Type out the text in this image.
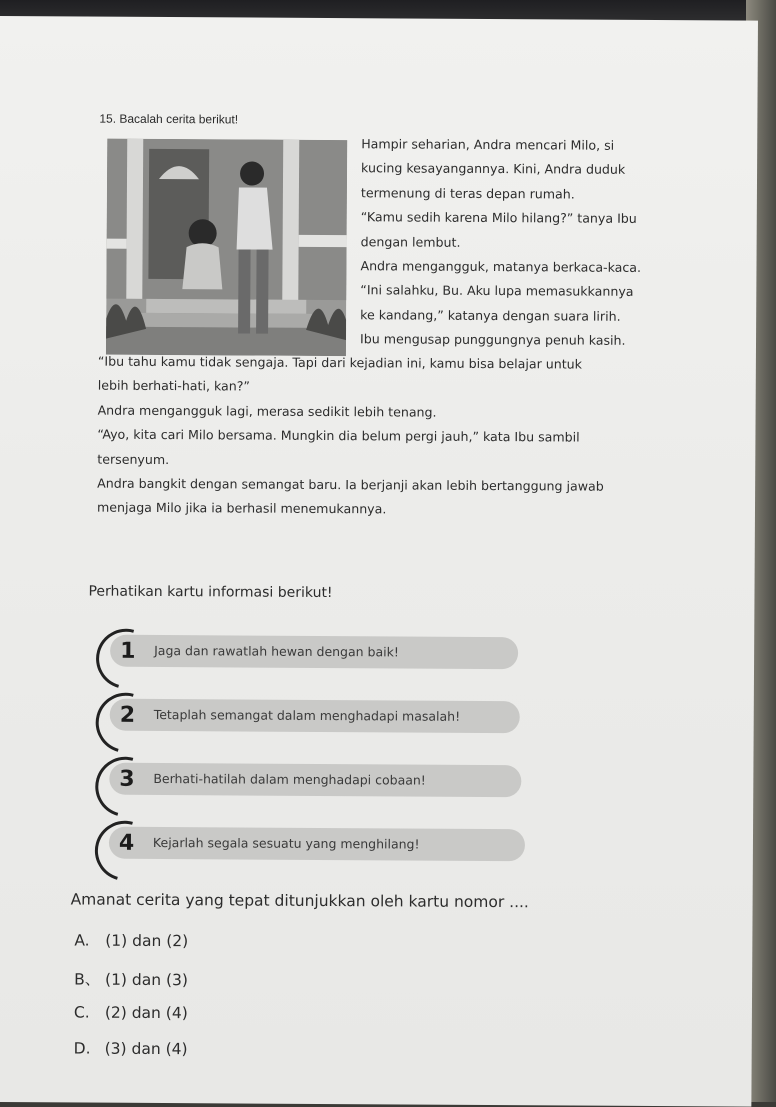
15. Bacalah cerita berikut!

Hampir seharian, Andra mencari Milo, si

kucing kesayangannya. Kini, Andra duduk

termenung di teras depan rumah.

“Kamu sedih karena Milo hilang?” tanya Ibu

dengan lembut.

Andra mengangguk, matanya berkaca-kaca.

“Ini salahku, Bu. Aku lupa memasukkannya

ke kandang,” katanya dengan suara lirih.

Ibu mengusap punggungnya penuh kasih.

“Ibu tahu kamu tidak sengaja. Tapi dari kejadian ini, kamu bisa belajar untuk

lebih berhati-hati, kan?”

Andra mengangguk lagi, merasa sedikit lebih tenang.

“Ayo, kita cari Milo bersama. Mungkin dia belum pergi jauh,” kata Ibu sambil

tersenyum.

Andra bangkit dengan semangat baru. Ia berjanji akan lebih bertanggung jawab

menjaga Milo jika ia berhasil menemukannya.

Perhatikan kartu informasi berikut!
1 Jaga dan rawatlah hewan dengan baik!
2 Tetaplah semangat dalam menghadapi masalah!
3 Berhati-hatilah dalam menghadapi cobaan!
4 Kejarlah segala sesuatu yang menghilang!
Amanat cerita yang tepat ditunjukkan oleh kartu nomor ....
A. (1) dan (2)
B、 (1) dan (3)
C. (2) dan (4)
D. (3) dan (4)
